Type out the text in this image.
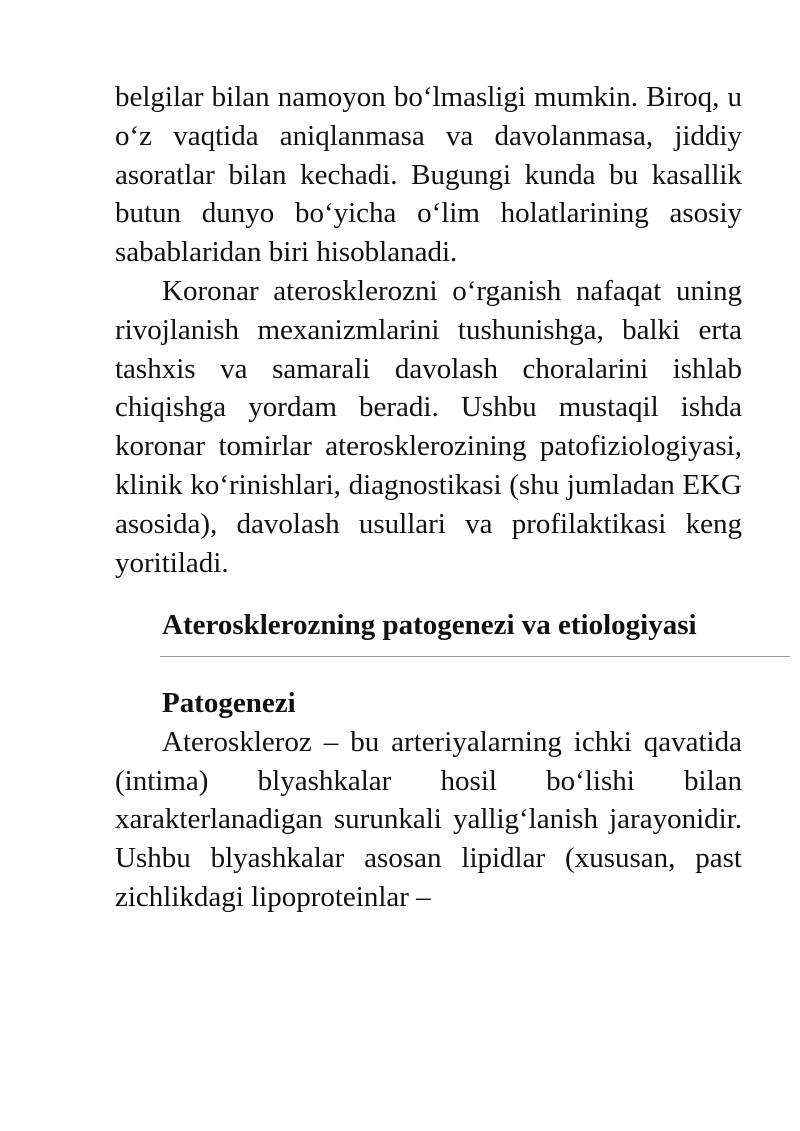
belgilar bilan namoyon bo‘lmasligi mumkin. Biroq, u o‘z vaqtida aniqlanmasa va davolanmasa, jiddiy asoratlar bilan kechadi. Bugungi kunda bu kasallik butun dunyo bo‘yicha o‘lim holatlarining asosiy sabablaridan biri hisoblanadi.

Koronar aterosklerozni o‘rganish nafaqat uning rivojlanish mexanizmlarini tushunishga, balki erta tashxis va samarali davolash choralarini ishlab chiqishga yordam beradi. Ushbu mustaqil ishda koronar tomirlar aterosklerozining patofiziologiyasi, klinik ko‘rinishlari, diagnostikasi (shu jumladan EKG asosida), davolash usullari va profilaktikasi keng yoritiladi.

Aterosklerozning patogenezi va etiologiyasi

Patogenezi

Ateroskleroz – bu arteriyalarning ichki qavatida (intima) blyashkalar hosil bo‘lishi bilan xarakterlanadigan surunkali yallig‘lanish jarayonidir. Ushbu blyashkalar asosan lipidlar (xususan, past zichlikdagi lipoproteinlar –
